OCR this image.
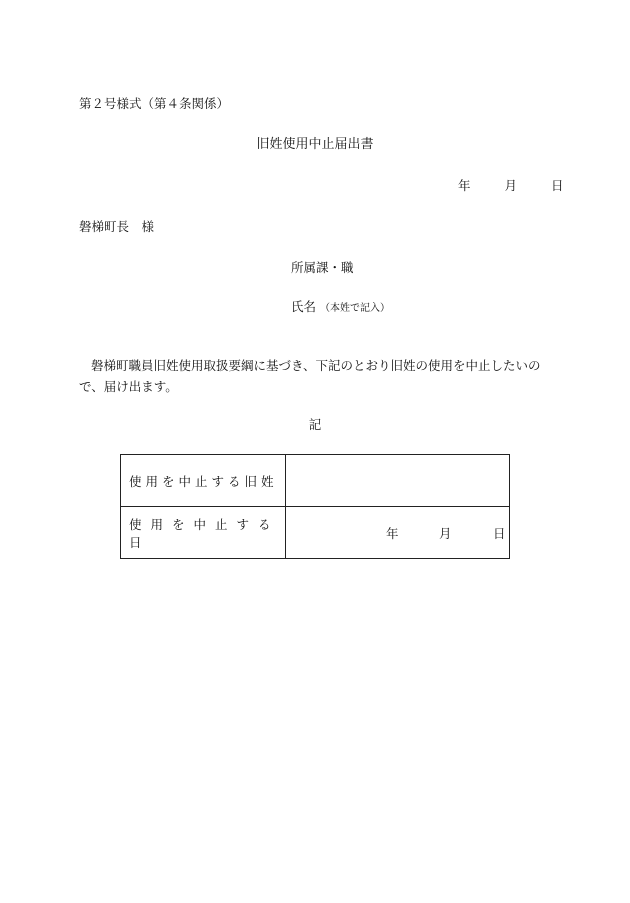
第２号様式（第４条関係）
旧姓使用中止届出書
年	月	日
磐梯町長　様
所属課・職
氏名 （本姓で記入）
磐梯町職員旧姓使用取扱要綱に基づき、下記のとおり旧姓の使用を中止したいので、届け出ます。
記
使用を中止する旧姓	
使用を中止する日	年 月 日
